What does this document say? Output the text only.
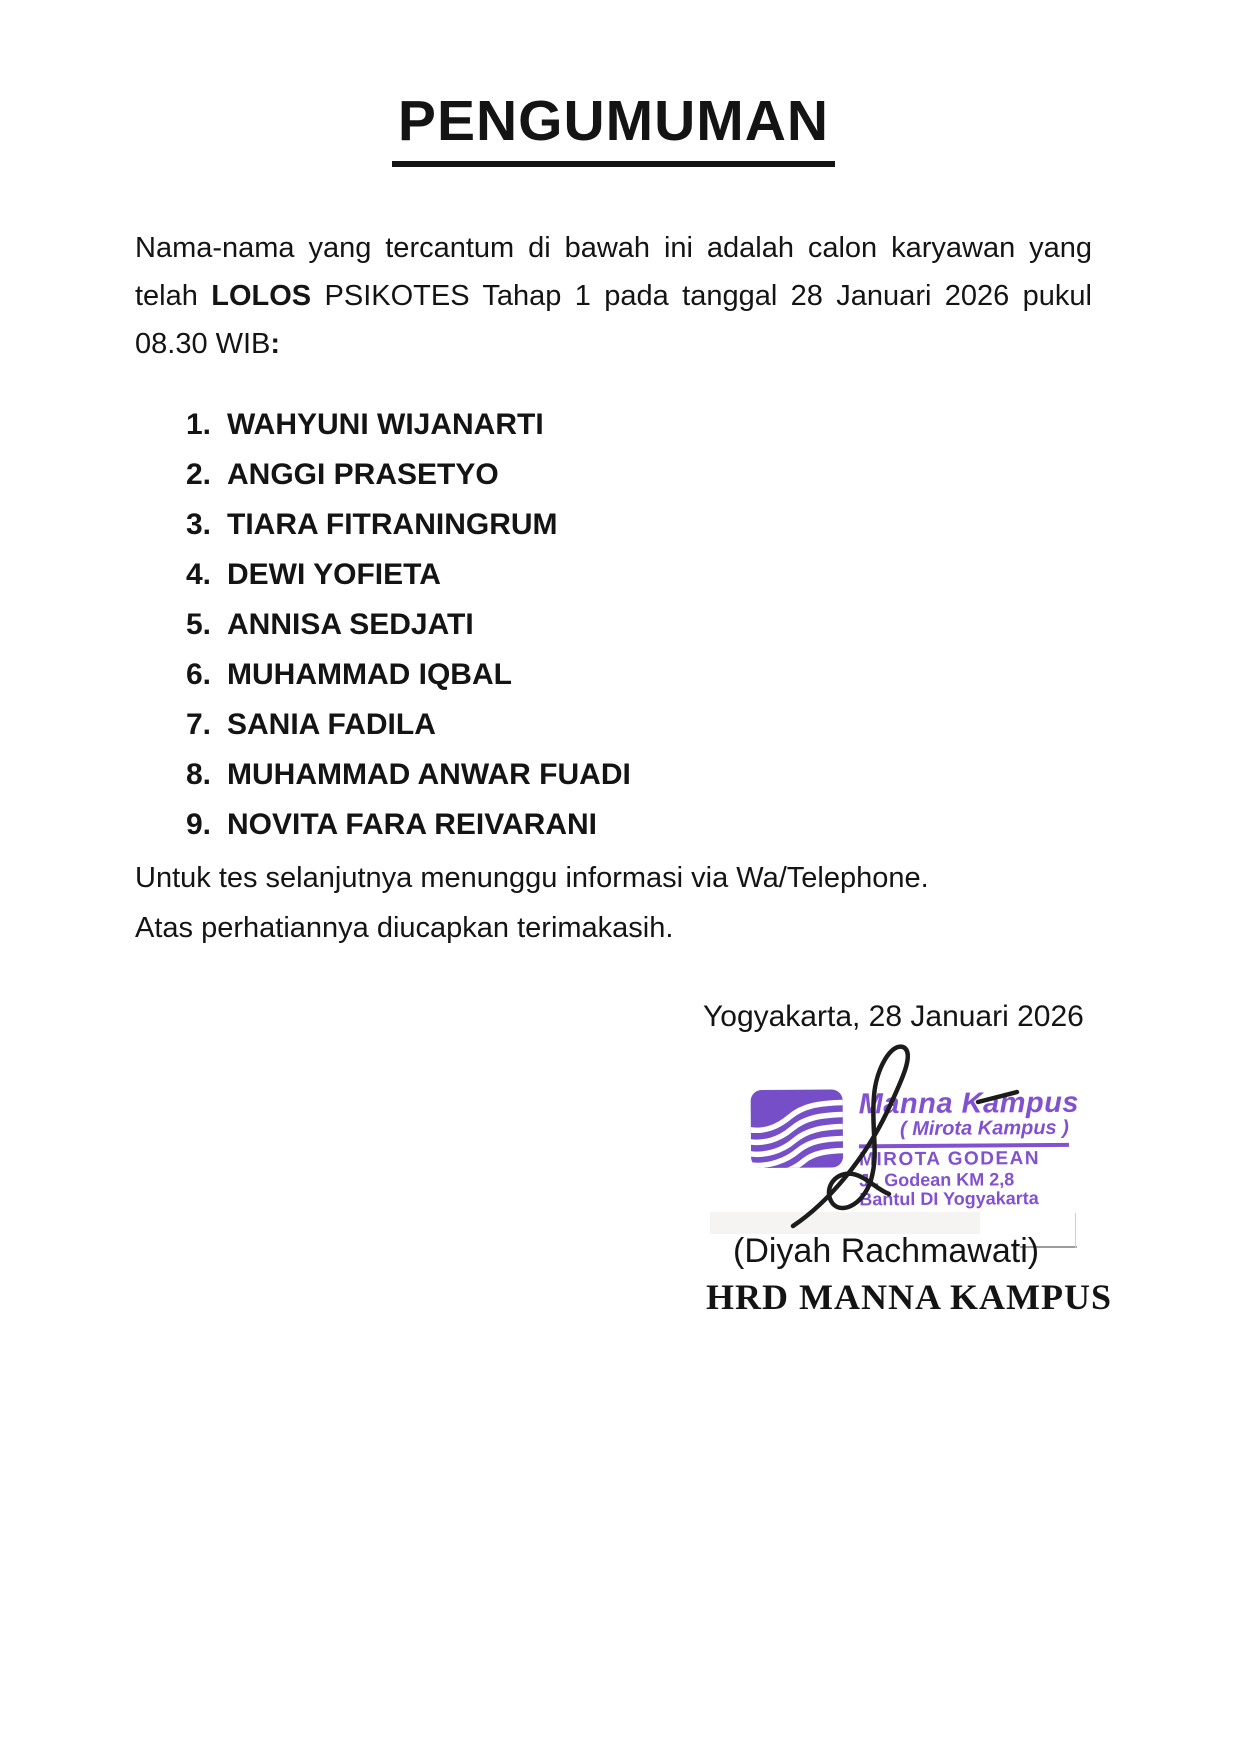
PENGUMUMAN
Nama-nama yang tercantum di bawah ini adalah calon karyawan yang
telah LOLOS PSIKOTES Tahap 1 pada tanggal 28 Januari 2026 pukul
08.30 WIB:
1. WAHYUNI WIJANARTI
2. ANGGI PRASETYO
3. TIARA FITRANINGRUM
4. DEWI YOFIETA
5. ANNISA SEDJATI
6. MUHAMMAD IQBAL
7. SANIA FADILA
8. MUHAMMAD ANWAR FUADI
9. NOVITA FARA REIVARANI
Untuk tes selanjutnya menunggu informasi via Wa/Telephone.
Atas perhatiannya diucapkan terimakasih.
Yogyakarta, 28 Januari 2026
Manna Kampus
( Mirota Kampus )
MIROTA GODEAN
Jl. Godean KM 2,8
Bantul DI Yogyakarta
(Diyah Rachmawati)
HRD MANNA KAMPUS
